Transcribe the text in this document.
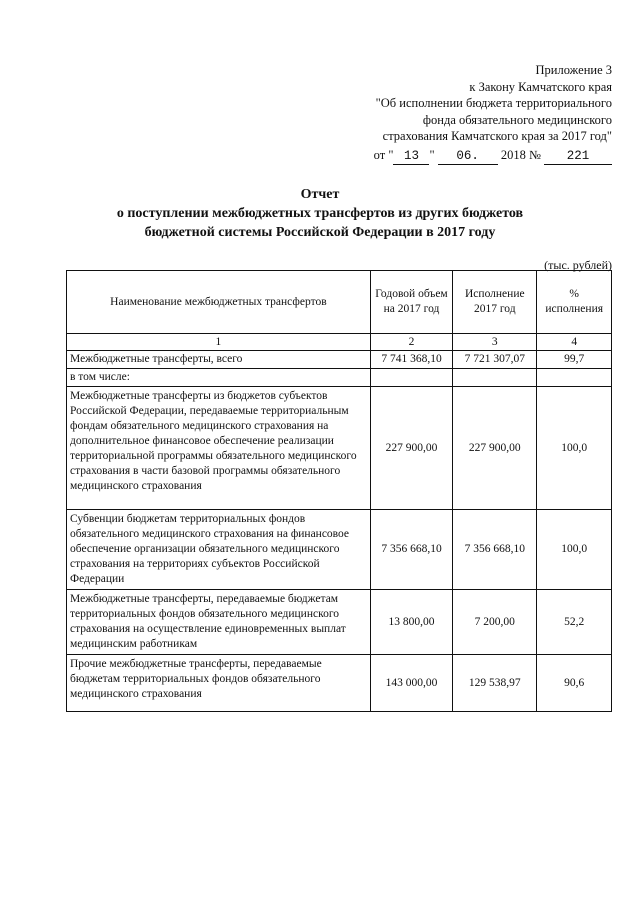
Приложение 3
к Закону Камчатского края
"Об исполнении бюджета территориального
фонда обязательного медицинского
страхования Камчатского края за 2017 год"
от " 13 " 06. 2018 № 221
Отчет
о поступлении межбюджетных трансфертов из других бюджетов
бюджетной системы Российской Федерации в 2017 году
(тыс. рублей)
Наименование межбюджетных трансфертов	Годовой объем на 2017 год	Исполнение 2017 год	% исполнения
1	2	3	4
Межбюджетные трансферты, всего	7 741 368,10	7 721 307,07	99,7
в том числе:			
Межбюджетные трансферты из бюджетов субъектов Российской Федерации, передаваемые территориальным фондам обязательного медицинского страхования на дополнительное финансовое обеспечение реализации территориальной программы обязательного медицинского страхования в части базовой программы обязательного медицинского страхования	227 900,00	227 900,00	100,0
Субвенции бюджетам территориальных фондов обязательного медицинского страхования на финансовое обеспечение организации обязательного медицинского страхования на территориях субъектов Российской Федерации	7 356 668,10	7 356 668,10	100,0
Межбюджетные трансферты, передаваемые бюджетам территориальных фондов обязательного медицинского страхования на осуществление единовременных выплат медицинским работникам	13 800,00	7 200,00	52,2
Прочие межбюджетные трансферты, передаваемые бюджетам территориальных фондов обязательного медицинского страхования	143 000,00	129 538,97	90,6
